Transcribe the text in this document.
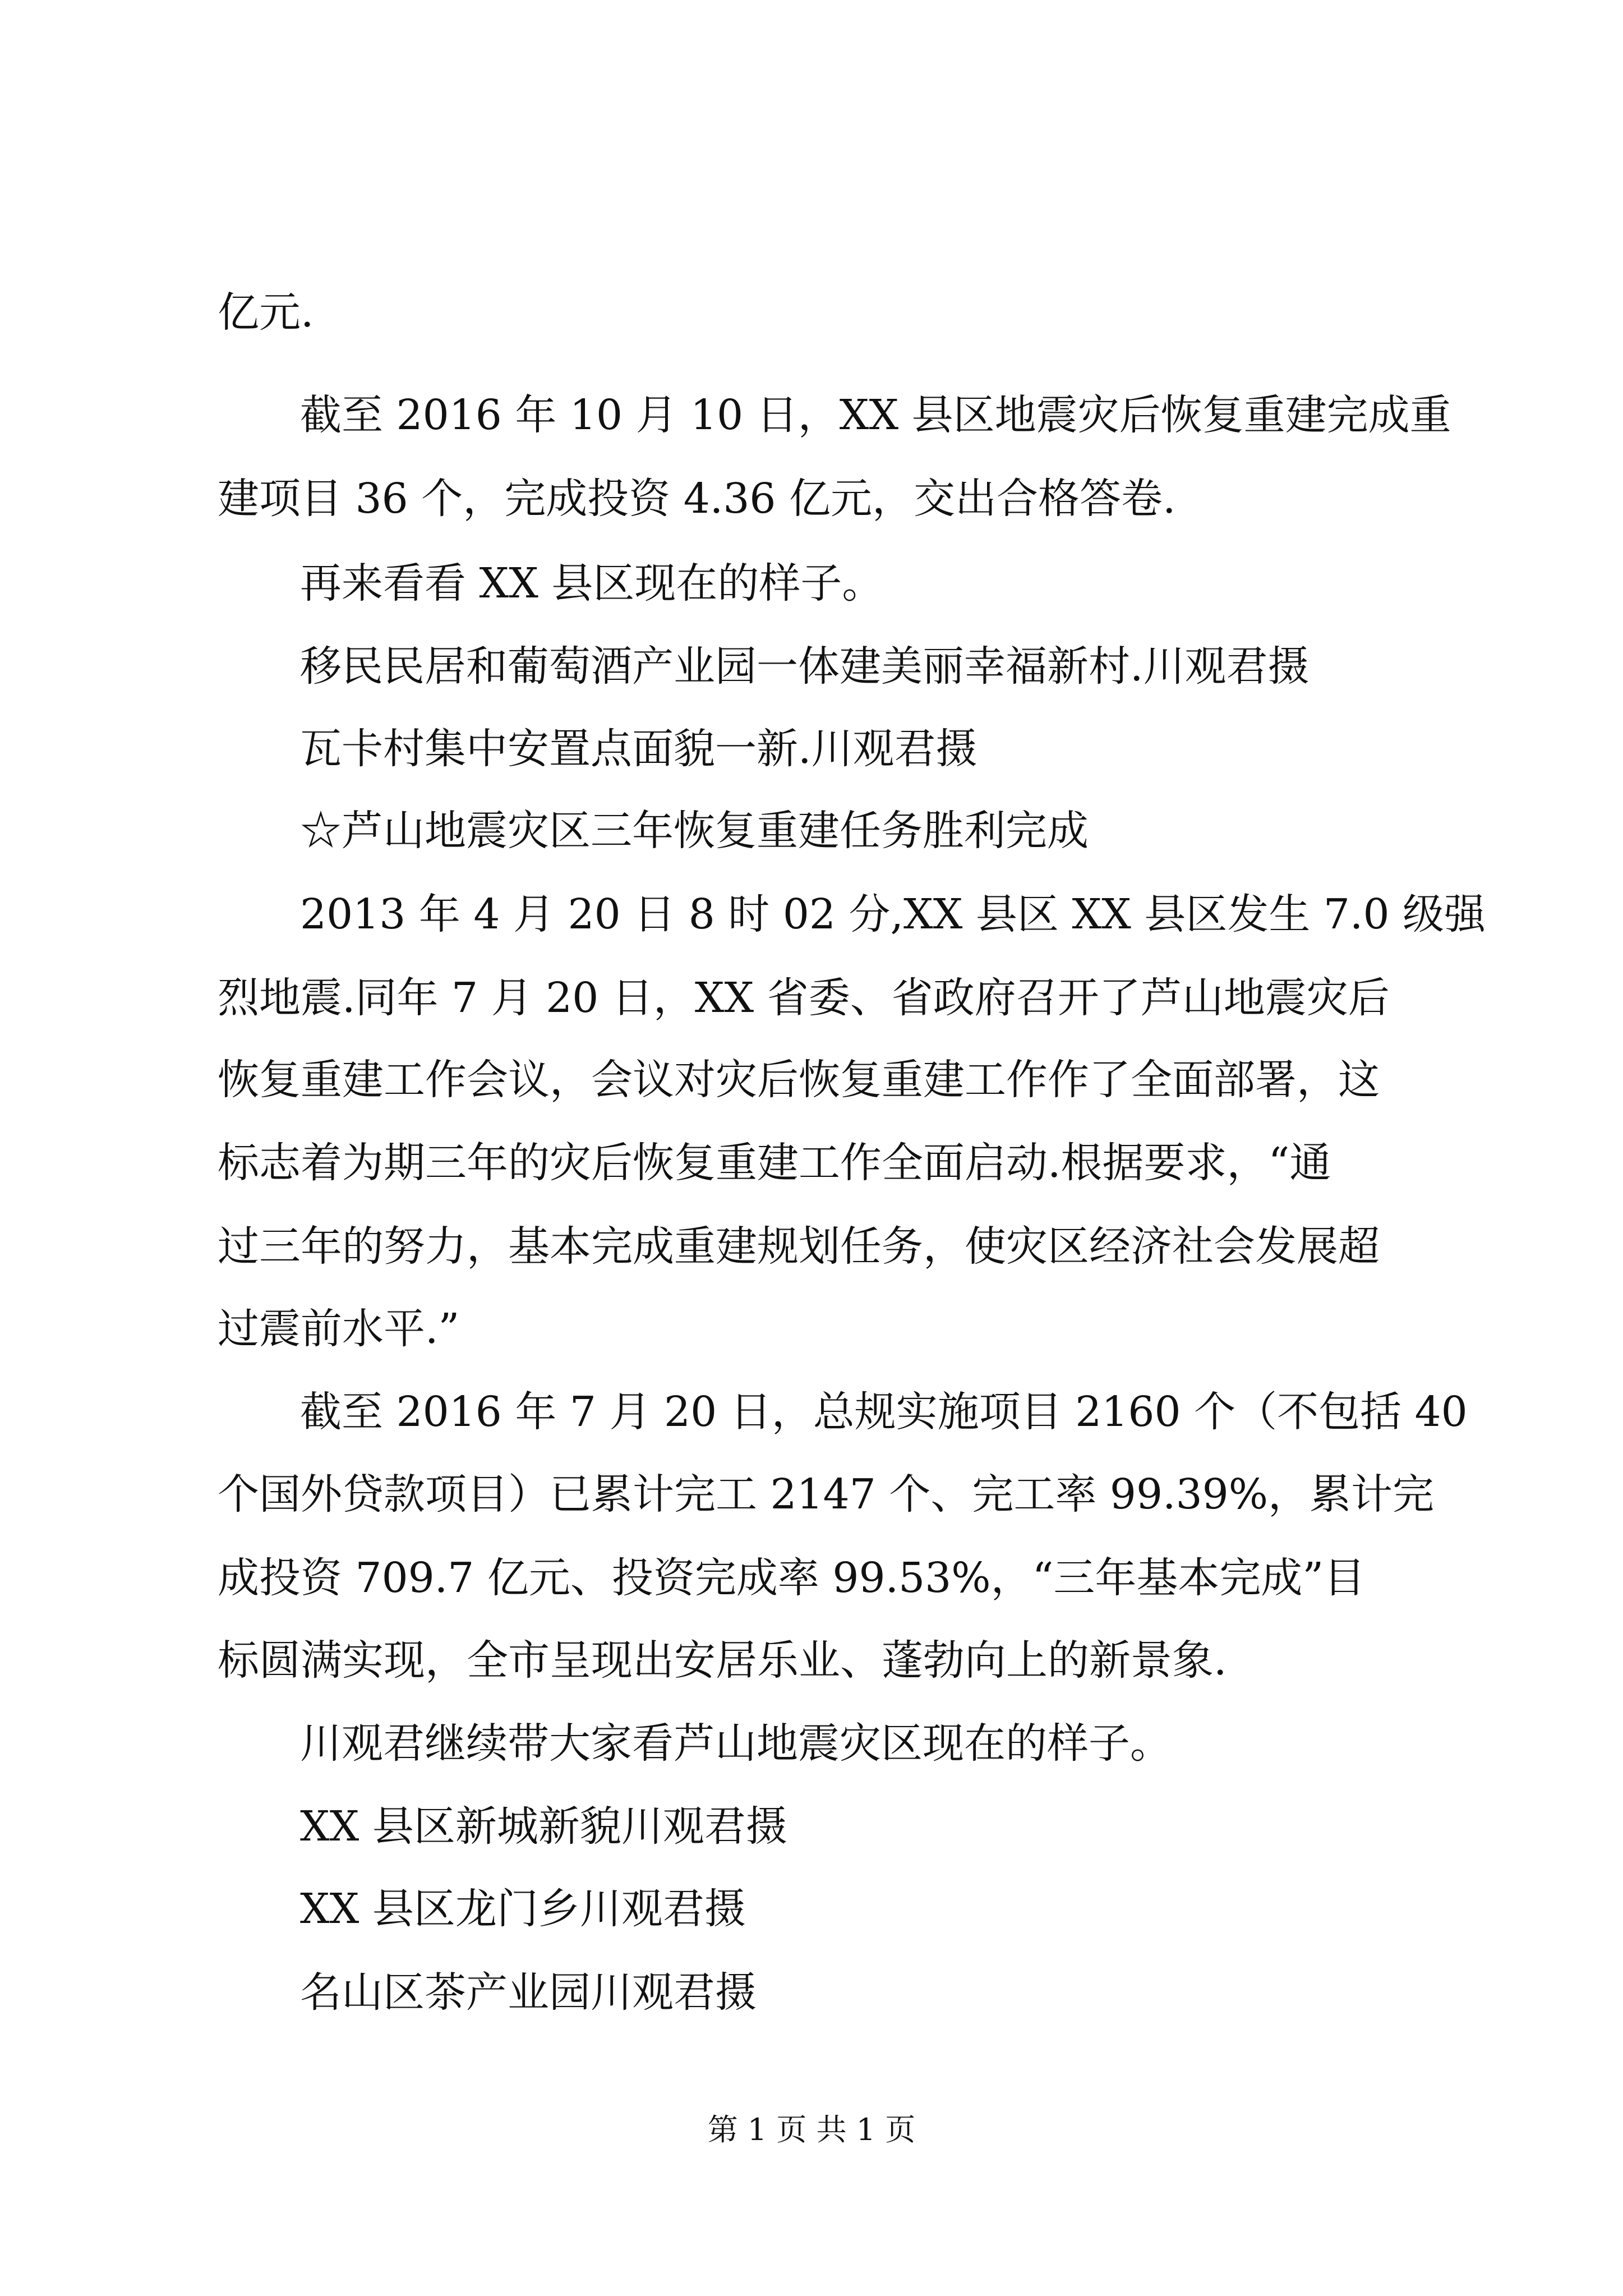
亿元.
截至 2016 年 10 月 10 日，XX 县区地震灾后恢复重建完成重
建项目 36 个，完成投资 4.36 亿元，交出合格答卷.
再来看看 XX 县区现在的样子。
移民民居和葡萄酒产业园一体建美丽幸福新村.川观君摄
瓦卡村集中安置点面貌一新.川观君摄
☆芦山地震灾区三年恢复重建任务胜利完成
2013 年 4 月 20 日 8 时 02 分,XX 县区 XX 县区发生 7.0 级强
烈地震.同年 7 月 20 日，XX 省委、省政府召开了芦山地震灾后
恢复重建工作会议，会议对灾后恢复重建工作作了全面部署，这
标志着为期三年的灾后恢复重建工作全面启动.根据要求，“通
过三年的努力，基本完成重建规划任务，使灾区经济社会发展超
过震前水平.”
截至 2016 年 7 月 20 日，总规实施项目 2160 个（不包括 40
个国外贷款项目）已累计完工 2147 个、完工率 99.39%，累计完
成投资 709.7 亿元、投资完成率 99.53%，“三年基本完成”目
标圆满实现，全市呈现出安居乐业、蓬勃向上的新景象.
川观君继续带大家看芦山地震灾区现在的样子。
XX 县区新城新貌川观君摄
XX 县区龙门乡川观君摄
名山区茶产业园川观君摄
第 1 页 共 1 页
